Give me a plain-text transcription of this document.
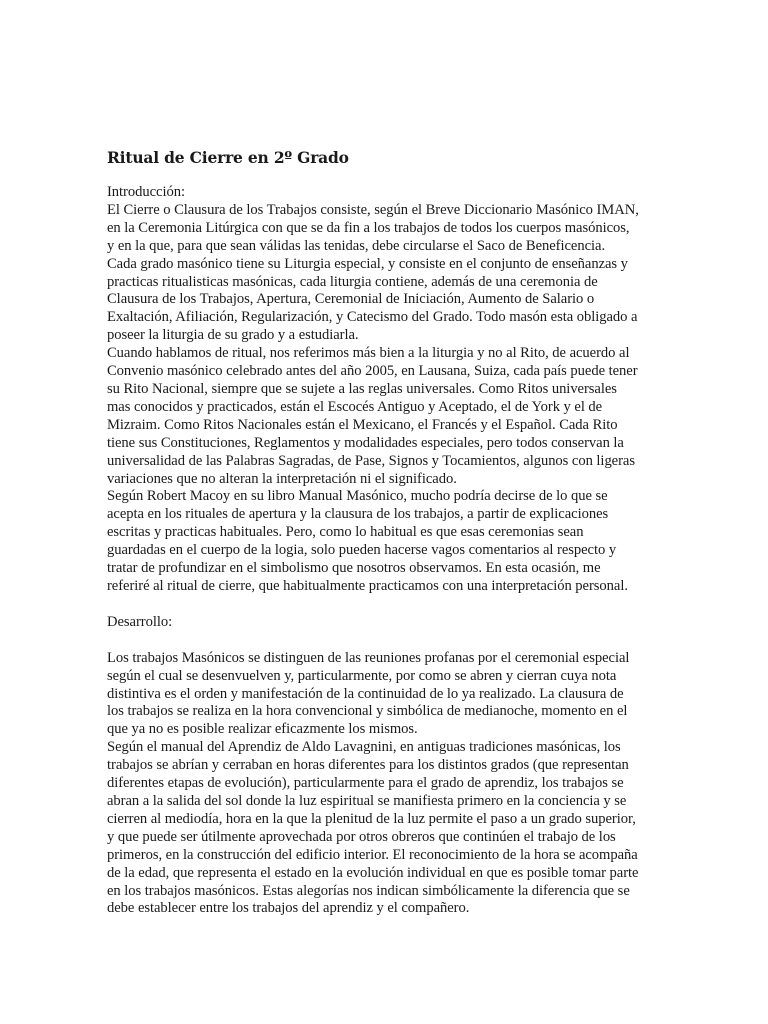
Ritual de Cierre en 2º Grado
Introducción:
El Cierre o Clausura de los Trabajos consiste, según el Breve Diccionario Masónico IMAN,
en la Ceremonia Litúrgica con que se da fin a los trabajos de todos los cuerpos masónicos,
y en la que, para que sean válidas las tenidas, debe circularse el Saco de Beneficencia.
Cada grado masónico tiene su Liturgia especial, y consiste en el conjunto de enseñanzas y
practicas ritualisticas masónicas, cada liturgia contiene, además de una ceremonia de
Clausura de los Trabajos, Apertura, Ceremonial de Iniciación, Aumento de Salario o
Exaltación, Afiliación, Regularización, y Catecismo del Grado. Todo masón esta obligado a
poseer la liturgia de su grado y a estudiarla.
Cuando hablamos de ritual, nos referimos más bien a la liturgia y no al Rito, de acuerdo al
Convenio masónico celebrado antes del año 2005, en Lausana, Suiza, cada país puede tener
su Rito Nacional, siempre que se sujete a las reglas universales. Como Ritos universales
mas conocidos y practicados, están el Escocés Antiguo y Aceptado, el de York y el de
Mizraim. Como Ritos Nacionales están el Mexicano, el Francés y el Español. Cada Rito
tiene sus Constituciones, Reglamentos y modalidades especiales, pero todos conservan la
universalidad de las Palabras Sagradas, de Pase, Signos y Tocamientos, algunos con ligeras
variaciones que no alteran la interpretación ni el significado.
Según Robert Macoy en su libro Manual Masónico, mucho podría decirse de lo que se
acepta en los rituales de apertura y la clausura de los trabajos, a partir de explicaciones
escritas y practicas habituales. Pero, como lo habitual es que esas ceremonias sean
guardadas en el cuerpo de la logia, solo pueden hacerse vagos comentarios al respecto y
tratar de profundizar en el simbolismo que nosotros observamos. En esta ocasión, me
referiré al ritual de cierre, que habitualmente practicamos con una interpretación personal.
Desarrollo:
Los trabajos Masónicos se distinguen de las reuniones profanas por el ceremonial especial
según el cual se desenvuelven y, particularmente, por como se abren y cierran cuya nota
distintiva es el orden y manifestación de la continuidad de lo ya realizado. La clausura de
los trabajos se realiza en la hora convencional y simbólica de medianoche, momento en el
que ya no es posible realizar eficazmente los mismos.
Según el manual del Aprendiz de Aldo Lavagnini, en antiguas tradiciones masónicas, los
trabajos se abrían y cerraban en horas diferentes para los distintos grados (que representan
diferentes etapas de evolución), particularmente para el grado de aprendiz, los trabajos se
abran a la salida del sol donde la luz espiritual se manifiesta primero en la conciencia y se
cierren al mediodía, hora en la que la plenitud de la luz permite el paso a un grado superior,
y que puede ser útilmente aprovechada por otros obreros que continúen el trabajo de los
primeros, en la construcción del edificio interior. El reconocimiento de la hora se acompaña
de la edad, que representa el estado en la evolución individual en que es posible tomar parte
en los trabajos masónicos. Estas alegorías nos indican simbólicamente la diferencia que se
debe establecer entre los trabajos del aprendiz y el compañero.
